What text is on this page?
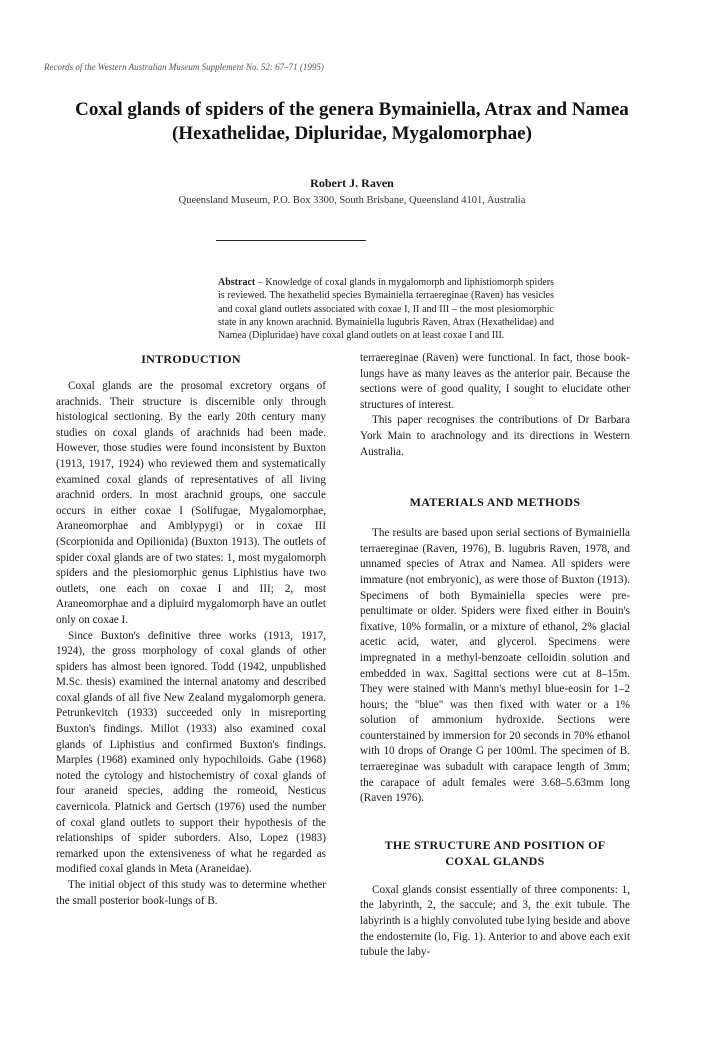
Records of the Western Australian Museum Supplement No. 52: 67–71 (1995)
Coxal glands of spiders of the genera Bymainiella, Atrax and Namea
(Hexathelidae, Dipluridae, Mygalomorphae)
Robert J. Raven
Queensland Museum, P.O. Box 3300, South Brisbane, Queensland 4101, Australia
Abstract – Knowledge of coxal glands in mygalomorph and liphistiomorph spiders is reviewed. The hexathelid species Bymainiella terraereginae (Raven) has vesicles and coxal gland outlets associated with coxae I, II and III – the most plesiomorphic state in any known arachnid. Bymainiella lugubris Raven, Atrax (Hexathelidae) and Namea (Dipluridae) have coxal gland outlets on at least coxae I and III.
INTRODUCTION

Coxal glands are the prosomal excretory organs of arachnids. Their structure is discernible only through histological sectioning. By the early 20th century many studies on coxal glands of arachnids had been made. However, those studies were found inconsistent by Buxton (1913, 1917, 1924) who reviewed them and systematically examined coxal glands of representatives of all living arachnid orders. In most arachnid groups, one saccule occurs in either coxae I (Solifugae, Mygalomorphae, Araneomorphae and Amblypygi) or in coxae III (Scorpionida and Opilionida) (Buxton 1913). The outlets of spider coxal glands are of two states: 1, most mygalomorph spiders and the plesiomorphic genus Liphistius have two outlets, one each on coxae I and III; 2, most Araneomorphae and a dipluird mygalomorph have an outlet only on coxae I.

Since Buxton's definitive three works (1913, 1917, 1924), the gross morphology of coxal glands of other spiders has almost been ignored. Todd (1942, unpublished M.Sc. thesis) examined the internal anatomy and described coxal glands of all five New Zealand mygalomorph genera. Petrunkevitch (1933) succeeded only in misreporting Buxton's findings. Millot (1933) also examined coxal glands of Liphistius and confirmed Buxton's findings. Marples (1968) examined only hypochiloids. Gabe (1968) noted the cytology and histochemistry of coxal glands of four araneid species, adding the romeoid, Nesticus cavernicola. Platnick and Gertsch (1976) used the number of coxal gland outlets to support their hypothesis of the relationships of spider suborders. Also, Lopez (1983) remarked upon the extensiveness of what he regarded as modified coxal glands in Meta (Araneidae).

The initial object of this study was to determine whether the small posterior book-lungs of B.

terraereginae (Raven) were functional. In fact, those book-lungs have as many leaves as the anterior pair. Because the sections were of good quality, I sought to elucidate other structures of interest.

This paper recognises the contributions of Dr Barbara York Main to arachnology and its directions in Western Australia.

MATERIALS AND METHODS

The results are based upon serial sections of Bymainiella terraereginae (Raven, 1976), B. lugubris Raven, 1978, and unnamed species of Atrax and Namea. All spiders were immature (not embryonic), as were those of Buxton (1913). Specimens of both Bymainiella species were pre-penultimate or older. Spiders were fixed either in Bouin's fixative, 10% formalin, or a mixture of ethanol, 2% glacial acetic acid, water, and glycerol. Specimens were impregnated in a methyl-benzoate celloidin solution and embedded in wax. Sagittal sections were cut at 8–15m. They were stained with Mann's methyl blue-eosin for 1–2 hours; the "blue" was then fixed with water or a 1% solution of ammonium hydroxide. Sections were counterstained by immersion for 20 seconds in 70% ethanol with 10 drops of Orange G per 100ml. The specimen of B. terraereginae was subadult with carapace length of 3mm; the carapace of adult females were 3.68–5.63mm long (Raven 1976).

THE STRUCTURE AND POSITION OF
COXAL GLANDS

Coxal glands consist essentially of three components: 1, the labyrinth, 2, the saccule; and 3, the exit tubule. The labyrinth is a highly convoluted tube lying beside and above the endosternite (lo, Fig. 1). Anterior to and above each exit tubule the laby-
